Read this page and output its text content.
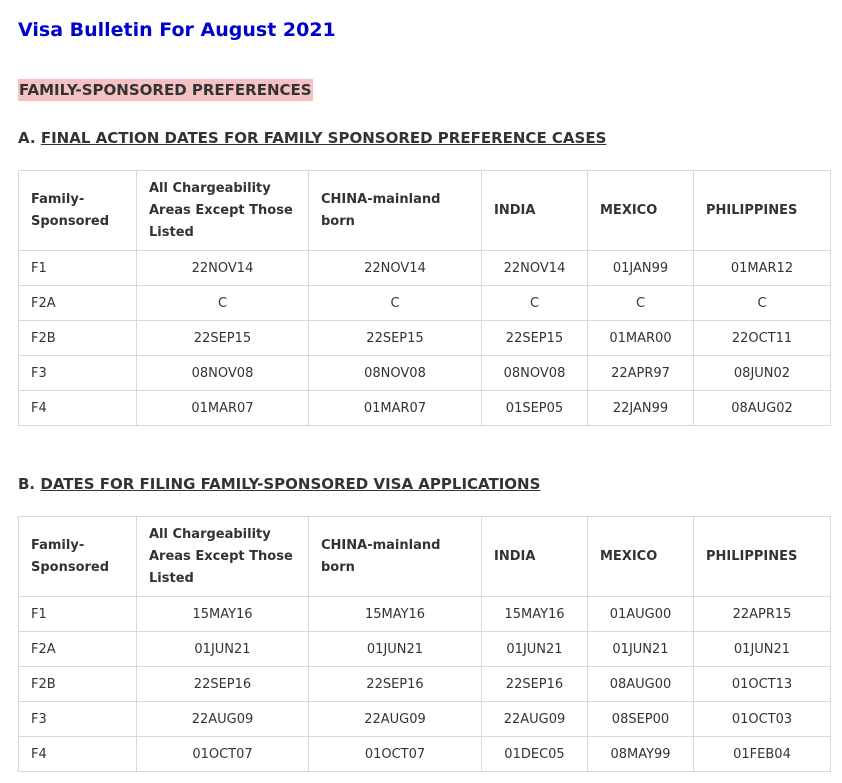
Visa Bulletin For August 2021
FAMILY-SPONSORED PREFERENCES
A. FINAL ACTION DATES FOR FAMILY SPONSORED PREFERENCE CASES
Family-Sponsored	All Chargeability Areas Except Those Listed	CHINA-mainland born	INDIA	MEXICO	PHILIPPINES
F1	22NOV14	22NOV14	22NOV14	01JAN99	01MAR12
F2A	C	C	C	C	C
F2B	22SEP15	22SEP15	22SEP15	01MAR00	22OCT11
F3	08NOV08	08NOV08	08NOV08	22APR97	08JUN02
F4	01MAR07	01MAR07	01SEP05	22JAN99	08AUG02
B. DATES FOR FILING FAMILY-SPONSORED VISA APPLICATIONS
Family-Sponsored	All Chargeability Areas Except Those Listed	CHINA-mainland born	INDIA	MEXICO	PHILIPPINES
F1	15MAY16	15MAY16	15MAY16	01AUG00	22APR15
F2A	01JUN21	01JUN21	01JUN21	01JUN21	01JUN21
F2B	22SEP16	22SEP16	22SEP16	08AUG00	01OCT13
F3	22AUG09	22AUG09	22AUG09	08SEP00	01OCT03
F4	01OCT07	01OCT07	01DEC05	08MAY99	01FEB04
